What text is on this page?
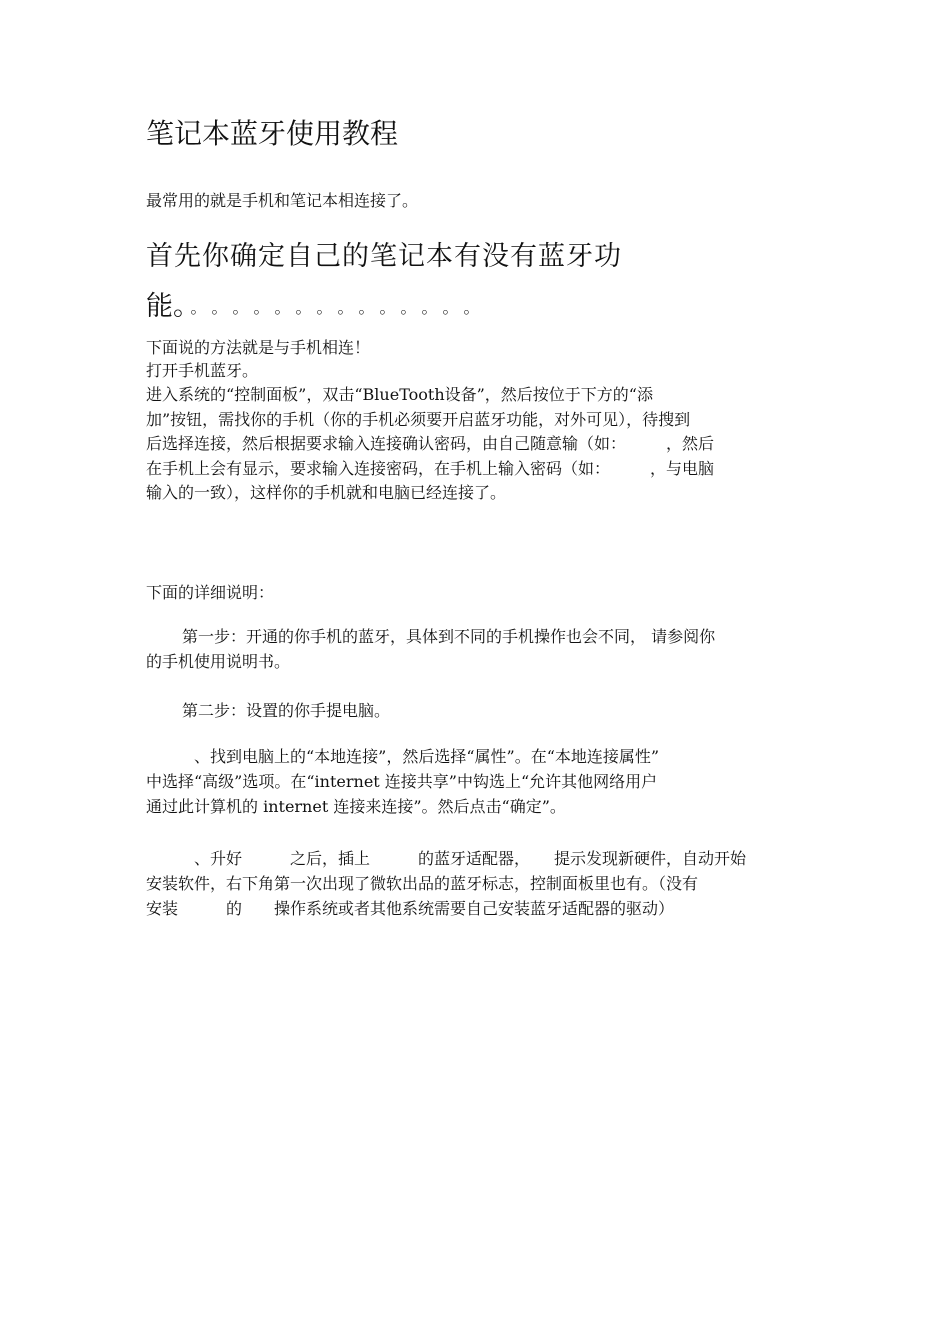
笔记本蓝牙使用教程

最常用的就是手机和笔记本相连接了。

首先你确定自己的笔记本有没有蓝牙功

能。 。。。。。。。。。。。。。。

下面说的方法就是与手机相连！

打开手机蓝牙。

进入系统的“控制面板”，双击“BlueTooth设备”，然后按位于下方的“添
加”按钮，需找你的手机（你的手机必须要开启蓝牙功能，对外可见），待搜到
后选择连接，然后根据要求输入连接确认密码，由自己随意输（如：　　　，然后
在手机上会有显示，要求输入连接密码，在手机上输入密码（如：　　　，与电脑
输入的一致），这样你的手机就和电脑已经连接了。

下面的详细说明：

第一步：开通的你手机的蓝牙，具体到不同的手机操作也会不同， 请参阅你
的手机使用说明书。

第二步：设置的你手提电脑。

、找到电脑上的“本地连接”，然后选择“属性”。在“本地连接属性”
中选择“高级”选项。在“internet 连接共享”中钩选上“允许其他网络用户
通过此计算机的 internet 连接来连接”。然后点击“确定”。

、升好　　　之后，插上　　　的蓝牙适配器，　　提示发现新硬件，自动开始
安装软件，右下角第一次出现了微软出品的蓝牙标志，控制面板里也有。（没有
安装　　　的　　操作系统或者其他系统需要自己安装蓝牙适配器的驱动）
